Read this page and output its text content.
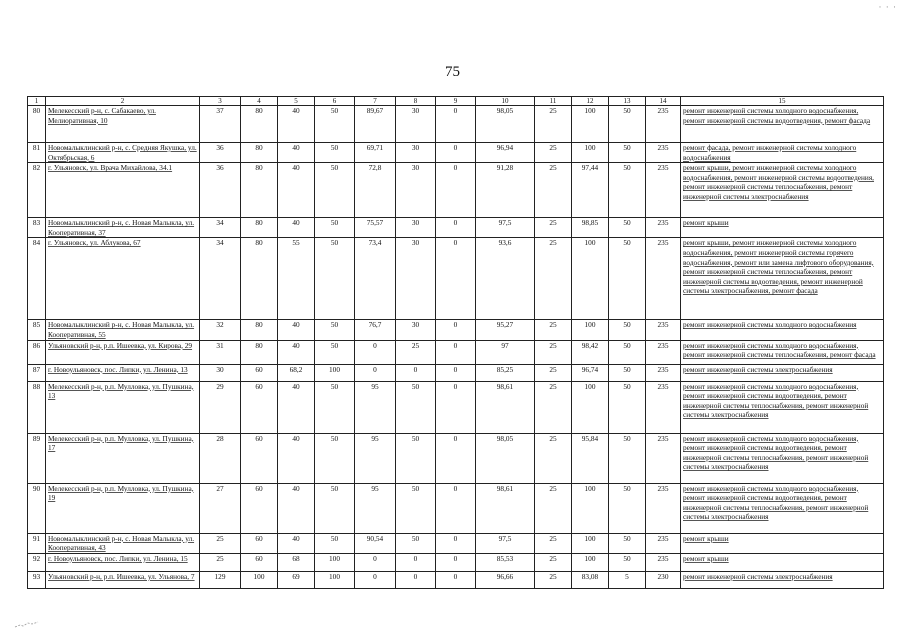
· · ·
75
1	2	3	4	5	6	7	8	9	10	11	12	13	14	15
80	Мелекесский р-н, с. Сабакаево, ул. Мелиоративная, 10	37	80	40	50	89,67	30	0	98,05	25	100	50	235	ремонт инженерной системы холодного водоснабжения, ремонт инженерной системы водоотведения, ремонт фасада
81	Новомалыклинский р-н, с. Средняя Якушка, ул. Октябрьская, 6	36	80	40	50	69,71	30	0	96,94	25	100	50	235	ремонт фасада, ремонт инженерной системы холодного водоснабжения
82	г. Ульяновск, ул. Врача Михайлова, 34.1	36	80	40	50	72,8	30	0	91,28	25	97,44	50	235	ремонт крыши, ремонт инженерной системы холодного водоснабжения, ремонт инженерной системы водоотведения, ремонт инженерной системы теплоснабжения, ремонт инженерной системы электроснабжения
83	Новомалыклинский р-н, с. Новая Малыкла, ул. Кооперативная, 37	34	80	40	50	75,57	30	0	97,5	25	98,85	50	235	ремонт крыши
84	г. Ульяновск, ул. Аблукова, 67	34	80	55	50	73,4	30	0	93,6	25	100	50	235	ремонт крыши, ремонт инженерной системы холодного водоснабжения, ремонт инженерной системы горячего водоснабжения, ремонт или замена лифтового оборудования, ремонт инженерной системы теплоснабжения, ремонт инженерной системы водоотведения, ремонт инженерной системы электроснабжения, ремонт фасада
85	Новомалыклинский р-н, с. Новая Малыкла, ул. Кооперативная, 55	32	80	40	50	76,7	30	0	95,27	25	100	50	235	ремонт инженерной системы холодного водоснабжения
86	Ульяновский р-н, р.п. Ишеевка, ул. Кирова, 29	31	80	40	50	0	25	0	97	25	98,42	50	235	ремонт инженерной системы холодного водоснабжения, ремонт инженерной системы теплоснабжения, ремонт фасада
87	г. Новоульяновск, пос. Липки, ул. Ленина, 13	30	60	68,2	100	0	0	0	85,25	25	96,74	50	235	ремонт инженерной системы электроснабжения
88	Мелекесский р-н, р.п. Мулловка, ул. Пушкина, 13	29	60	40	50	95	50	0	98,61	25	100	50	235	ремонт инженерной системы холодного водоснабжения, ремонт инженерной системы водоотведения, ремонт инженерной системы теплоснабжения, ремонт инженерной системы электроснабжения
89	Мелекесский р-н, р.п. Мулловка, ул. Пушкина, 17	28	60	40	50	95	50	0	98,05	25	95,84	50	235	ремонт инженерной системы холодного водоснабжения, ремонт инженерной системы водоотведения, ремонт инженерной системы теплоснабжения, ремонт инженерной системы электроснабжения
90	Мелекесский р-н, р.п. Мулловка, ул. Пушкина, 19	27	60	40	50	95	50	0	98,61	25	100	50	235	ремонт инженерной системы холодного водоснабжения, ремонт инженерной системы водоотведения, ремонт инженерной системы теплоснабжения, ремонт инженерной системы электроснабжения
91	Новомалыклинский р-н, с. Новая Малыкла, ул. Кооперативная, 43	25	60	40	50	90,54	50	0	97,5	25	100	50	235	ремонт крыши
92	г. Новоульяновск, пос. Липки, ул. Ленина, 15	25	60	68	100	0	0	0	85,53	25	100	50	235	ремонт крыши
93	Ульяновский р-н, р.п. Ишеевка, ул. Ульянова, 7	129	100	69	100	0	0	0	96,66	25	83,08	5	230	ремонт инженерной системы электроснабжения
